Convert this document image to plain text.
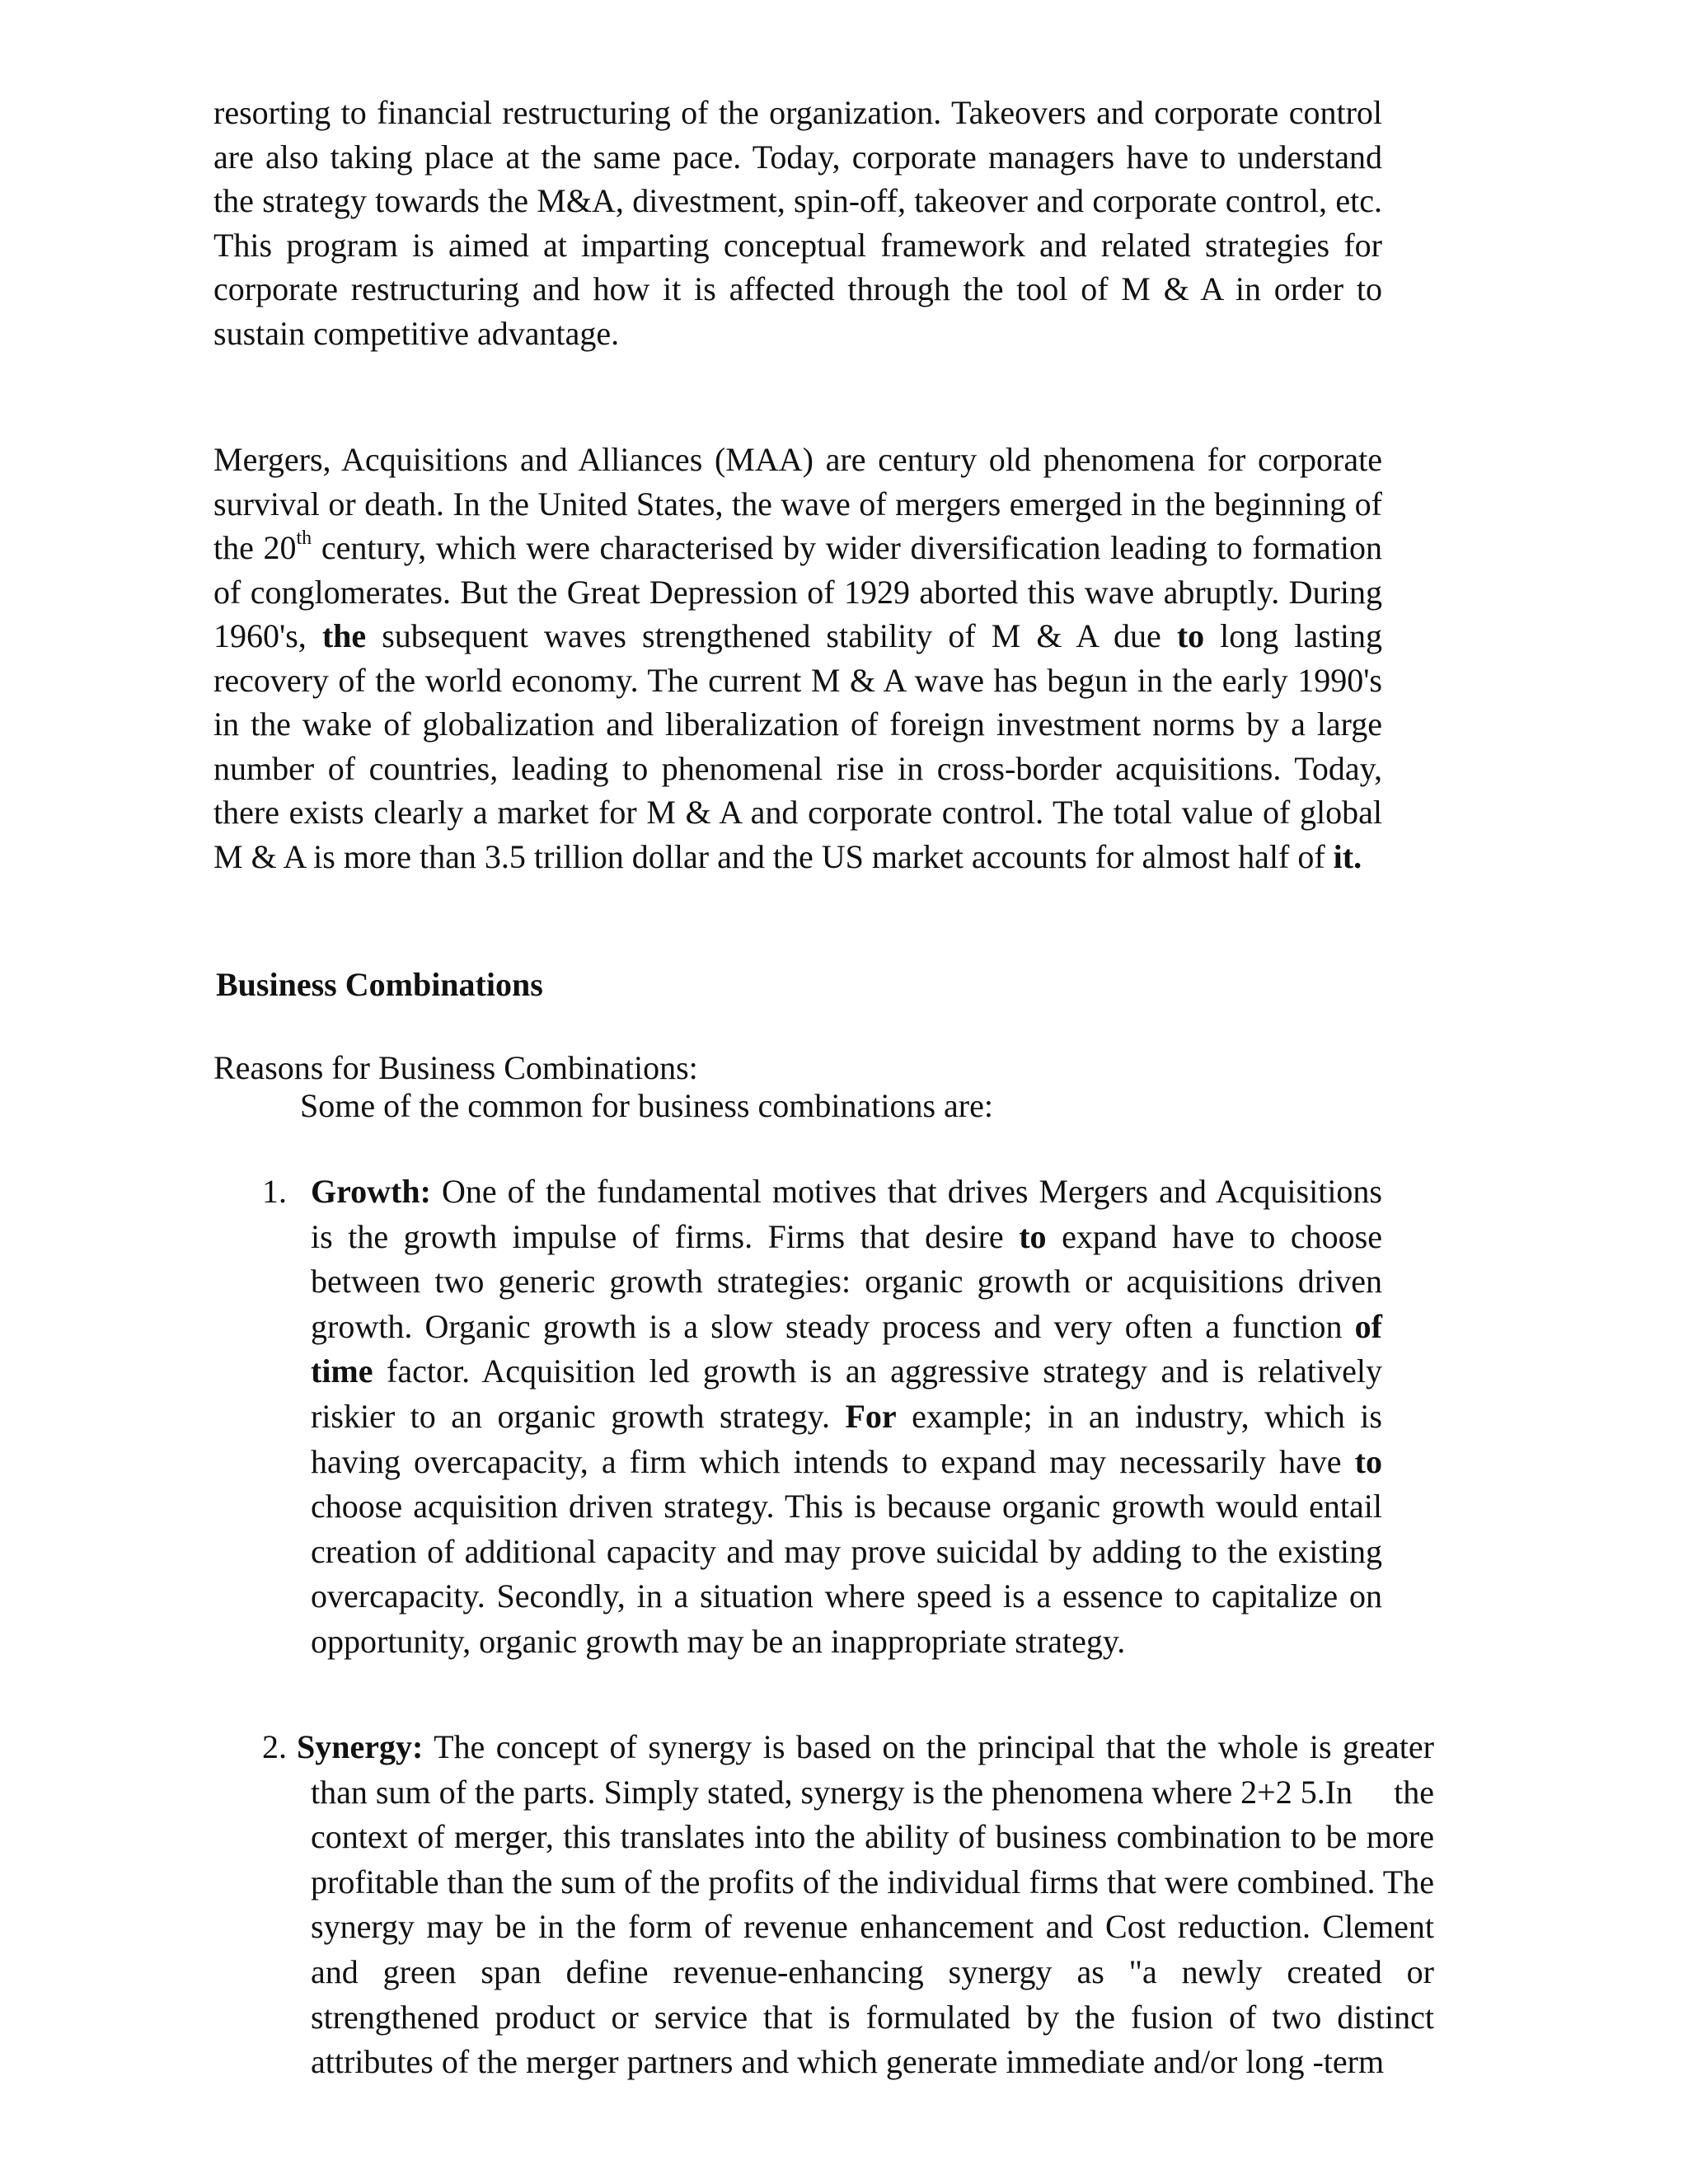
resorting to financial restructuring of the organization. Takeovers and corporate control are also taking place at the same pace. Today, corporate managers have to understand the strategy towards the M&A, divestment, spin-off, takeover and corporate control, etc. This program is aimed at imparting conceptual framework and related strategies for corporate restructuring and how it is affected through the tool of M & A in order to sustain competitive advantage.

Mergers, Acquisitions and Alliances (MAA) are century old phenomena for corporate survival or death. In the United States, the wave of mergers emerged in the beginning of the 20th century, which were characterised by wider diversification leading to formation of conglomerates. But the Great Depression of 1929 aborted this wave abruptly. During 1960's, the subsequent waves strengthened stability of M & A due to long lasting recovery of the world economy. The current M & A wave has begun in the early 1990's in the wake of globalization and liberalization of foreign investment norms by a large number of countries, leading to phenomenal rise in cross-border acquisitions. Today, there exists clearly a market for M & A and corporate control. The total value of global M & A is more than 3.5 trillion dollar and the US market accounts for almost half of it.

Business Combinations

Reasons for Business Combinations:

Some of the common for business combinations are:

1. Growth: One of the fundamental motives that drives Mergers and Acquisitions is the growth impulse of firms. Firms that desire to expand have to choose between two generic growth strategies: organic growth or acquisitions driven growth. Organic growth is a slow steady process and very often a function of time factor. Acquisition led growth is an aggressive strategy and is relatively riskier to an organic growth strategy. For example; in an industry, which is having overcapacity, a firm which intends to expand may necessarily have to choose acquisition driven strategy. This is because organic growth would entail creation of additional capacity and may prove suicidal by adding to the existing overcapacity. Secondly, in a situation where speed is a essence to capitalize on opportunity, organic growth may be an inappropriate strategy.

2. Synergy: The concept of synergy is based on the principal that the whole is greater than sum of the parts. Simply stated, synergy is the phenomena where 2+2 5.In     the context of merger, this translates into the ability of business combination to be more profitable than the sum of the profits of the individual firms that were combined. The synergy may be in the form of revenue enhancement and Cost reduction. Clement and green span define revenue-enhancing synergy as "a newly created or strengthened product or service that is formulated by the fusion of two distinct attributes of the merger partners and which generate immediate and/or long -term
